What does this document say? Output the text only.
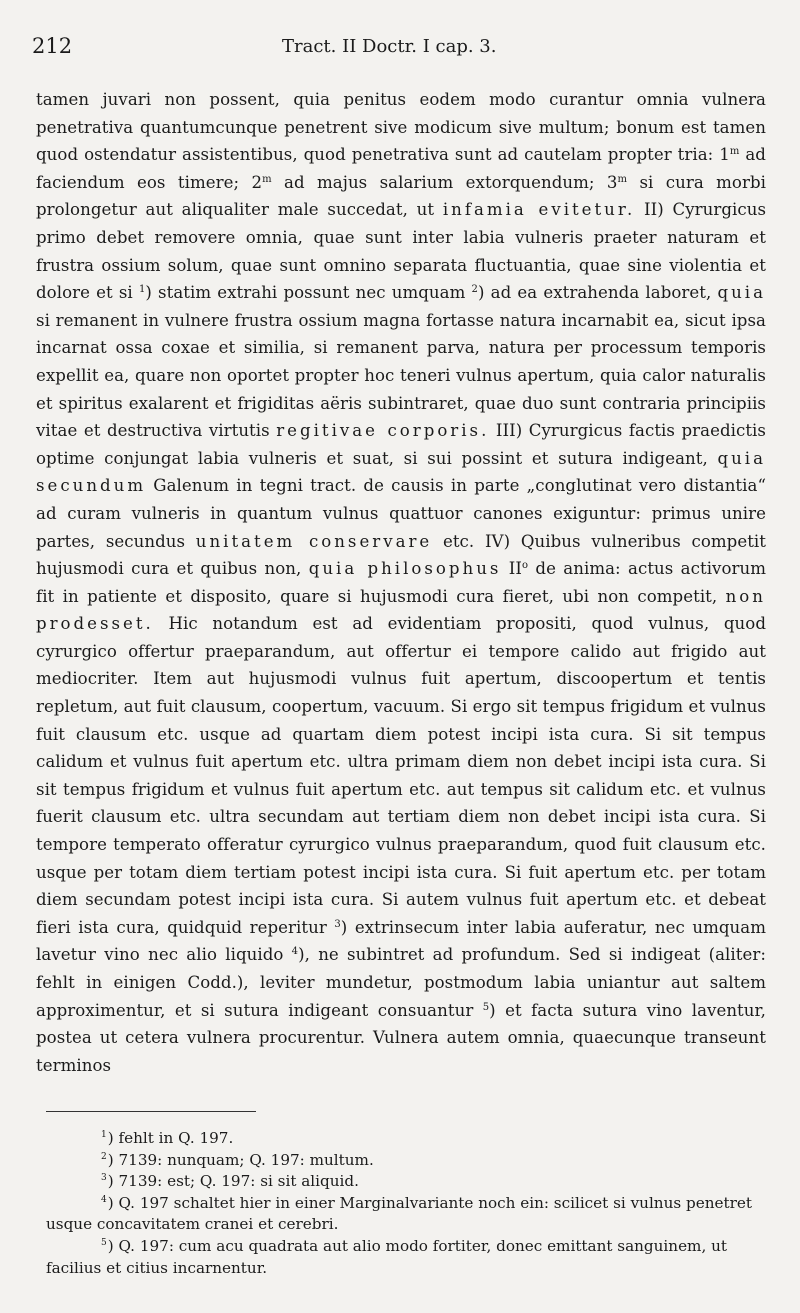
212	Tract. II Doctr. I cap. 3.

tamen juvari non possent, quia penitus eodem modo curantur omnia vulnera penetrativa quantumcunque penetrent sive modicum sive multum; bonum est tamen quod ostendatur assistentibus, quod penetrativa sunt ad cautelam propter tria: 1$^m$ ad faciendum eos timere; 2$^m$ ad majus salarium extorquendum; 3$^m$ si cura morbi prolongetur aut aliqualiter male succedat, ut infamia evitetur. II) Cyrurgicus primo debet removere omnia, quae sunt inter labia vulneris praeter naturam et frustra ossium solum, quae sunt omnino separata fluctuantia, quae sine violentia et dolore et si $^1$) statim extrahi possunt nec umquam $^2$) ad ea extrahenda laboret, quia si remanent in vulnere frustra ossium magna fortasse natura incarnabit ea, sicut ipsa incarnat ossa coxae et similia, si remanent parva, natura per processum temporis expellit ea, quare non oportet propter hoc teneri vulnus apertum, quia calor naturalis et spiritus exalarent et frigiditas aëris subintraret, quae duo sunt contraria principiis vitae et destructiva virtutis regitivae corporis. III) Cyrurgicus factis praedictis optime conjungat labia vulneris et suat, si sui possint et sutura indigeant, quia secundum Galenum in tegni tract. de causis in parte „conglutinat vero distantia“ ad curam vulneris in quantum vulnus quattuor canones exiguntur: primus unire partes, secundus unitatem conservare etc. IV) Quibus vulneribus competit hujusmodi cura et quibus non, quia philosophus $II^o$ de anima: actus activorum fit in patiente et disposito, quare si hujusmodi cura fieret, ubi non competit, non prodesset. Hic notandum est ad evidentiam propositi, quod vulnus, quod cyrurgico offertur praeparandum, aut offertur ei tempore calido aut frigido aut mediocriter. Item aut hujusmodi vulnus fuit apertum, discoopertum et tentis repletum, aut fuit clausum, coopertum, vacuum. Si ergo sit tempus frigidum et vulnus fuit clausum etc. usque ad quartam diem potest incipi ista cura. Si sit tempus calidum et vulnus fuit apertum etc. ultra primam diem non debet incipi ista cura. Si sit tempus frigidum et vulnus fuit apertum etc. aut tempus sit calidum etc. et vulnus fuerit clausum etc. ultra secundam aut tertiam diem non debet incipi ista cura. Si tempore temperato offeratur cyrurgico vulnus praeparandum, quod fuit clausum etc. usque per totam diem tertiam potest incipi ista cura. Si fuit apertum etc. per totam diem secundam potest incipi ista cura. Si autem vulnus fuit apertum etc. et debeat fieri ista cura, quidquid reperitur $^3$) extrinsecum inter labia auferatur, nec umquam lavetur vino nec alio liquido $^4$), ne subintret ad profundum. Sed si indigeat (aliter: fehlt in einigen Codd.), leviter mundetur, postmodum labia uniantur aut saltem approximentur, et si sutura indigeant consuantur $^5$) et facta sutura vino laventur, postea ut cetera vulnera procurentur. Vulnera autem omnia, quaecunque transeunt terminos

$^1$) fehlt in Q. 197.

$^2$) 7139: nunquam; Q. 197: multum.

$^3$) 7139: est; Q. 197: si sit aliquid.

$^4$) Q. 197 schaltet hier in einer Marginalvariante noch ein: scilicet si vulnus penetret usque concavitatem cranei et cerebri.

$^5$) Q. 197: cum acu quadrata aut alio modo fortiter, donec emittant sanguinem, ut facilius et citius incarnentur.
